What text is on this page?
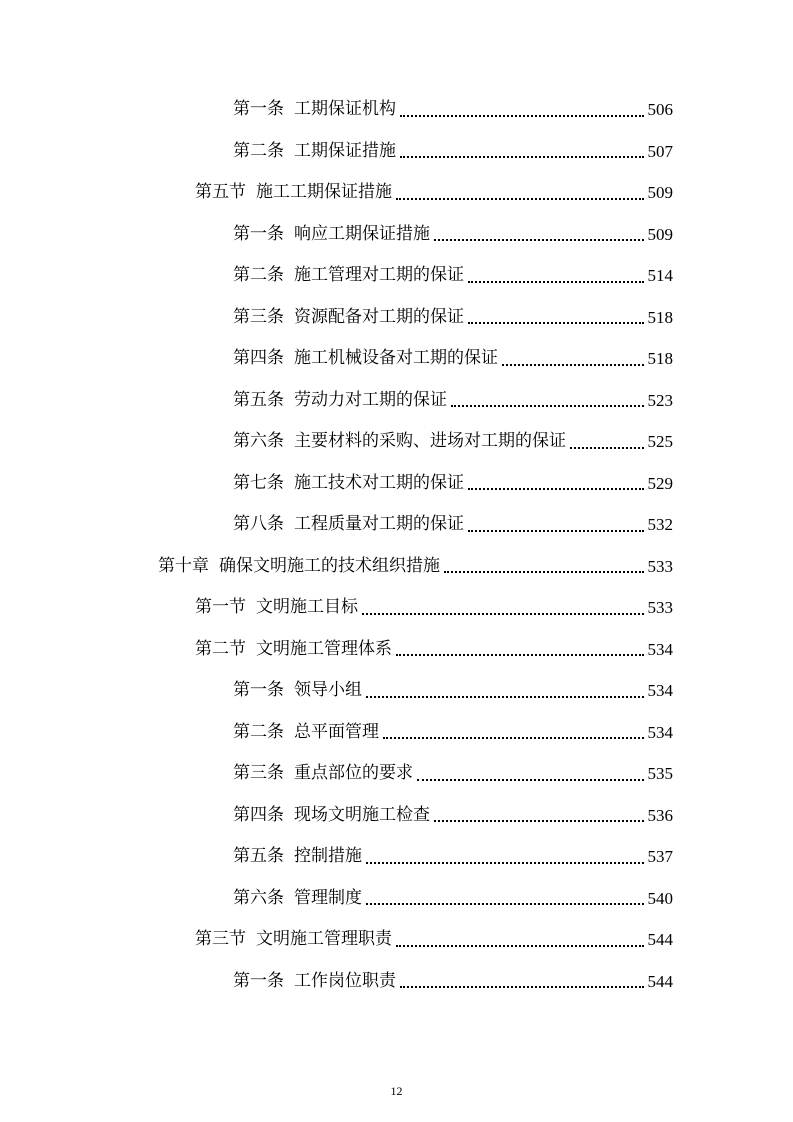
第一条 工期保证机构	506
第二条 工期保证措施	507
第五节 施工工期保证措施	509
第一条 响应工期保证措施	509
第二条 施工管理对工期的保证	514
第三条 资源配备对工期的保证	518
第四条 施工机械设备对工期的保证	518
第五条 劳动力对工期的保证	523
第六条 主要材料的采购、进场对工期的保证	525
第七条 施工技术对工期的保证	529
第八条 工程质量对工期的保证	532
第十章 确保文明施工的技术组织措施	533
第一节 文明施工目标	533
第二节 文明施工管理体系	534
第一条 领导小组	534
第二条 总平面管理	534
第三条 重点部位的要求	535
第四条 现场文明施工检查	536
第五条 控制措施	537
第六条 管理制度	540
第三节 文明施工管理职责	544
第一条 工作岗位职责	544
12
